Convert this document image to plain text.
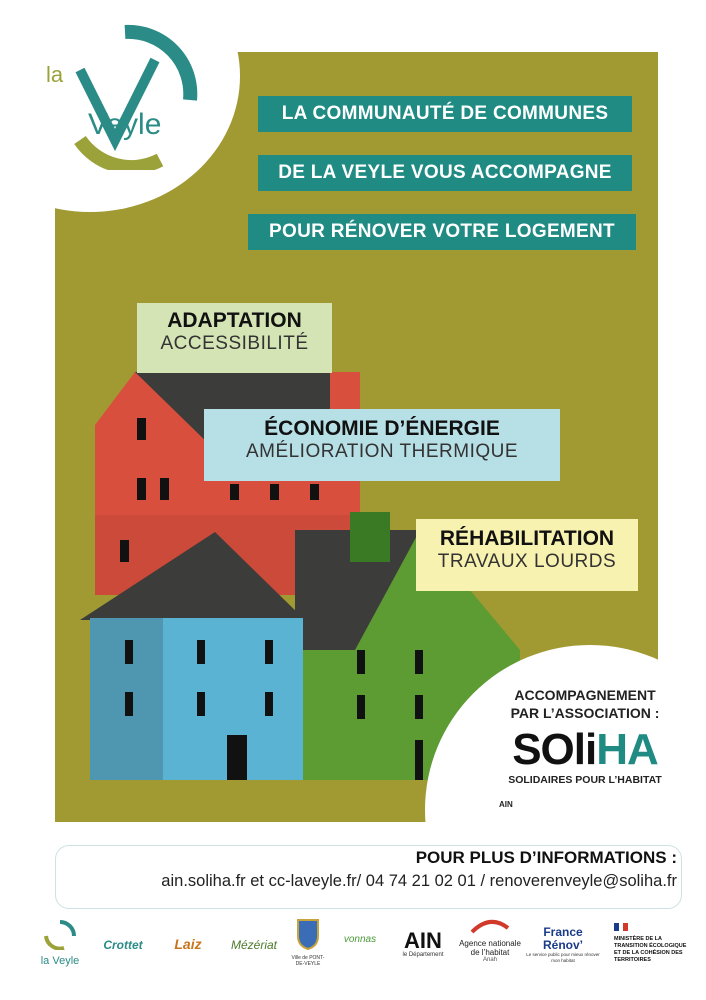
la
Veyle	LA COMMUNAUTÉ DE COMMUNES
DE LA VEYLE VOUS ACCOMPAGNE
POUR RÉNOVER VOTRE LOGEMENT
ADAPTATION
ACCESSIBILITÉ
ÉCONOMIE D’ÉNERGIE
AMÉLIORATION THERMIQUE
RÉHABILITATION
TRAVAUX LOURDS
ACCOMPAGNEMENT
PAR L’ASSOCIATION :
SOliHA
SOLIDAIRES POUR L’HABITAT
AIN
POUR PLUS D’INFORMATIONS :
ain.soliha.fr et cc-laveyle.fr/ 04 74 21 02 01 / renoverenveyle@soliha.fr
la Veyle
Crottet	Laiz	Mézériat
Ville de PONT-DE-VEYLE
vonnas	AIN
le Département
Agence nationale de l’habitat
Anah
France Rénov’
Le service public pour mieux rénover mon habitat
MINISTÈRE DE LA TRANSITION ÉCOLOGIQUE ET DE LA COHÉSION DES TERRITOIRES
